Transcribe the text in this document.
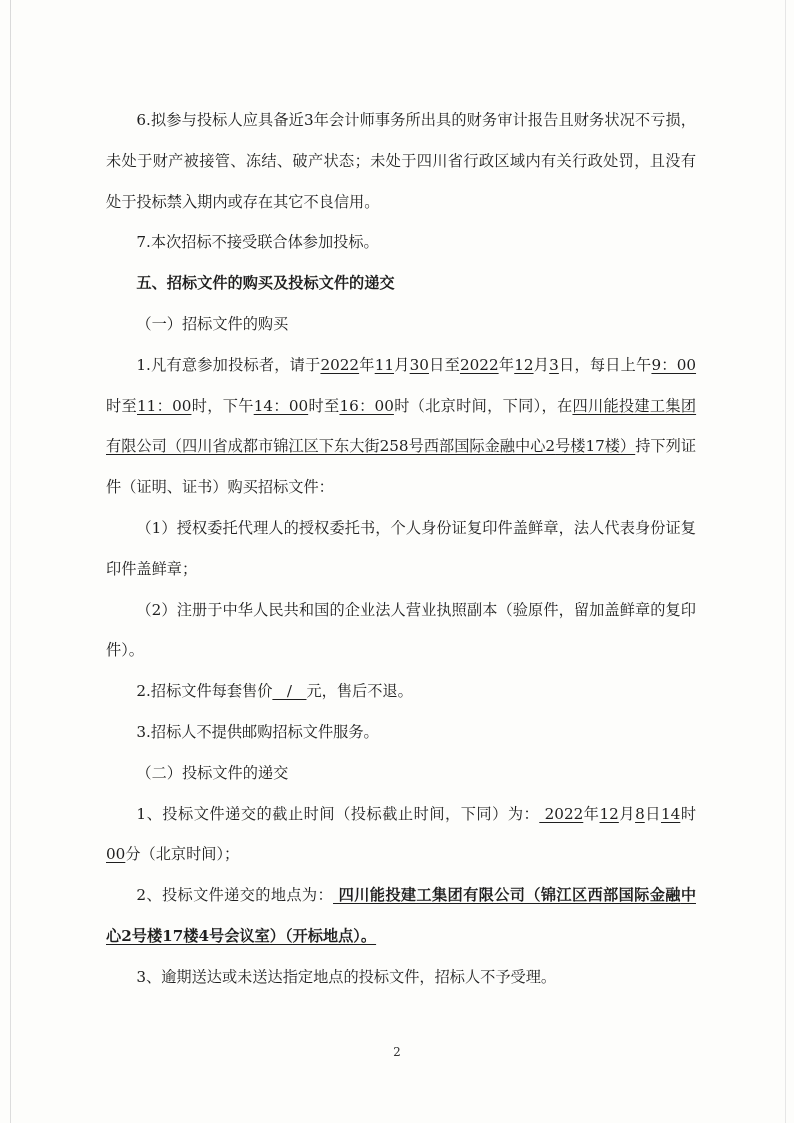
6.拟参与投标人应具备近3年会计师事务所出具的财务审计报告且财务状况不亏损，未处于财产被接管、冻结、破产状态；未处于四川省行政区域内有关行政处罚，且没有处于投标禁入期内或存在其它不良信用。

7.本次招标不接受联合体参加投标。

五、招标文件的购买及投标文件的递交

（一）招标文件的购买

1.凡有意参加投标者，请于2022年11月30日至2022年12月3日，每日上午9：00时至11：00时，下午14：00时至16：00时（北京时间，下同），在四川能投建工集团有限公司（四川省成都市锦江区下东大街258号西部国际金融中心2号楼17楼）持下列证件（证明、证书）购买招标文件：

（1）授权委托代理人的授权委托书，个人身份证复印件盖鲜章，法人代表身份证复印件盖鲜章；

（2）注册于中华人民共和国的企业法人营业执照副本（验原件，留加盖鲜章的复印件）。

2.招标文件每套售价   /   元，售后不退。

3.招标人不提供邮购招标文件服务。

（二）投标文件的递交

1、投标文件递交的截止时间（投标截止时间，下同）为： 2022年12月8日14时00分（北京时间）；

2、投标文件递交的地点为： 四川能投建工集团有限公司（锦江区西部国际金融中心2号楼17楼4号会议室）（开标地点）。

3、逾期送达或未送达指定地点的投标文件，招标人不予受理。

2
